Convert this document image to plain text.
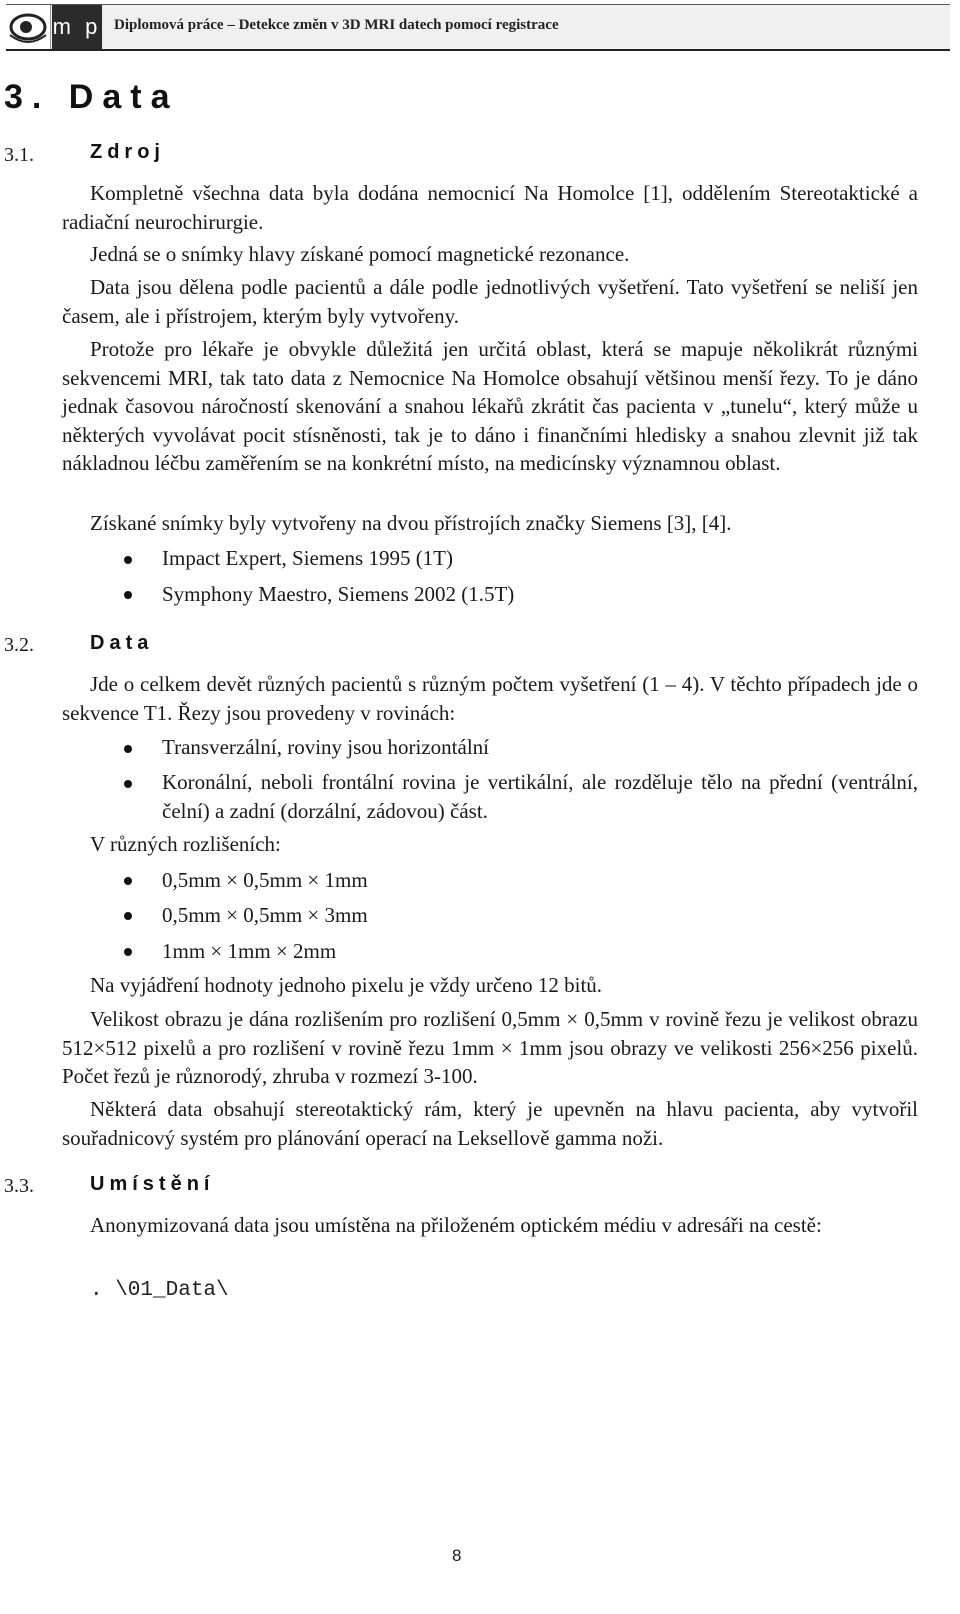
m p Diplomová práce – Detekce změn v 3D MRI datech pomocí registrace
3. Data
3.1.	Zdroj

Kompletně všechna data byla dodána nemocnicí Na Homolce [1], oddělením Stereotaktické a radiační neurochirurgie.

Jedná se o snímky hlavy získané pomocí magnetické rezonance.

Data jsou dělena podle pacientů a dále podle jednotlivých vyšetření. Tato vyšetření se neliší jen časem, ale i přístrojem, kterým byly vytvořeny.

Protože pro lékaře je obvykle důležitá jen určitá oblast, která se mapuje několikrát různými sekvencemi MRI, tak tato data z Nemocnice Na Homolce obsahují většinou menší řezy. To je dáno jednak časovou náročností skenování a snahou lékařů zkrátit čas pacienta v „tunelu“, který může u některých vyvolávat pocit stísněnosti, tak je to dáno i finančními hledisky a snahou zlevnit již tak nákladnou léčbu zaměřením se na konkrétní místo, na medicínsky významnou oblast.

Získané snímky byly vytvořeny na dvou přístrojích značky Siemens [3], [4].

Impact Expert, Siemens 1995 (1T)

Symphony Maestro, Siemens 2002 (1.5T)

3.2.	Data

Jde o celkem devět různých pacientů s různým počtem vyšetření (1 – 4). V těchto případech jde o sekvence T1. Řezy jsou provedeny v rovinách:

Transverzální, roviny jsou horizontální

Koronální, neboli frontální rovina je vertikální, ale rozděluje tělo na přední (ventrální, čelní) a zadní (dorzální, zádovou) část.

V různých rozlišeních:

0,5mm × 0,5mm × 1mm

0,5mm × 0,5mm × 3mm

1mm × 1mm × 2mm

Na vyjádření hodnoty jednoho pixelu je vždy určeno 12 bitů.

Velikost obrazu je dána rozlišením pro rozlišení 0,5mm × 0,5mm v rovině řezu je velikost obrazu 512×512 pixelů a pro rozlišení v rovině řezu 1mm × 1mm jsou obrazy ve velikosti 256×256 pixelů. Počet řezů je různorodý, zhruba v rozmezí 3-100.

Některá data obsahují stereotaktický rám, který je upevněn na hlavu pacienta, aby vytvořil souřadnicový systém pro plánování operací na Leksellově gamma noži.

3.3.	Umístění

Anonymizovaná data jsou umístěna na přiloženém optickém médiu v adresáři na cestě:

. \01_Data\
8
